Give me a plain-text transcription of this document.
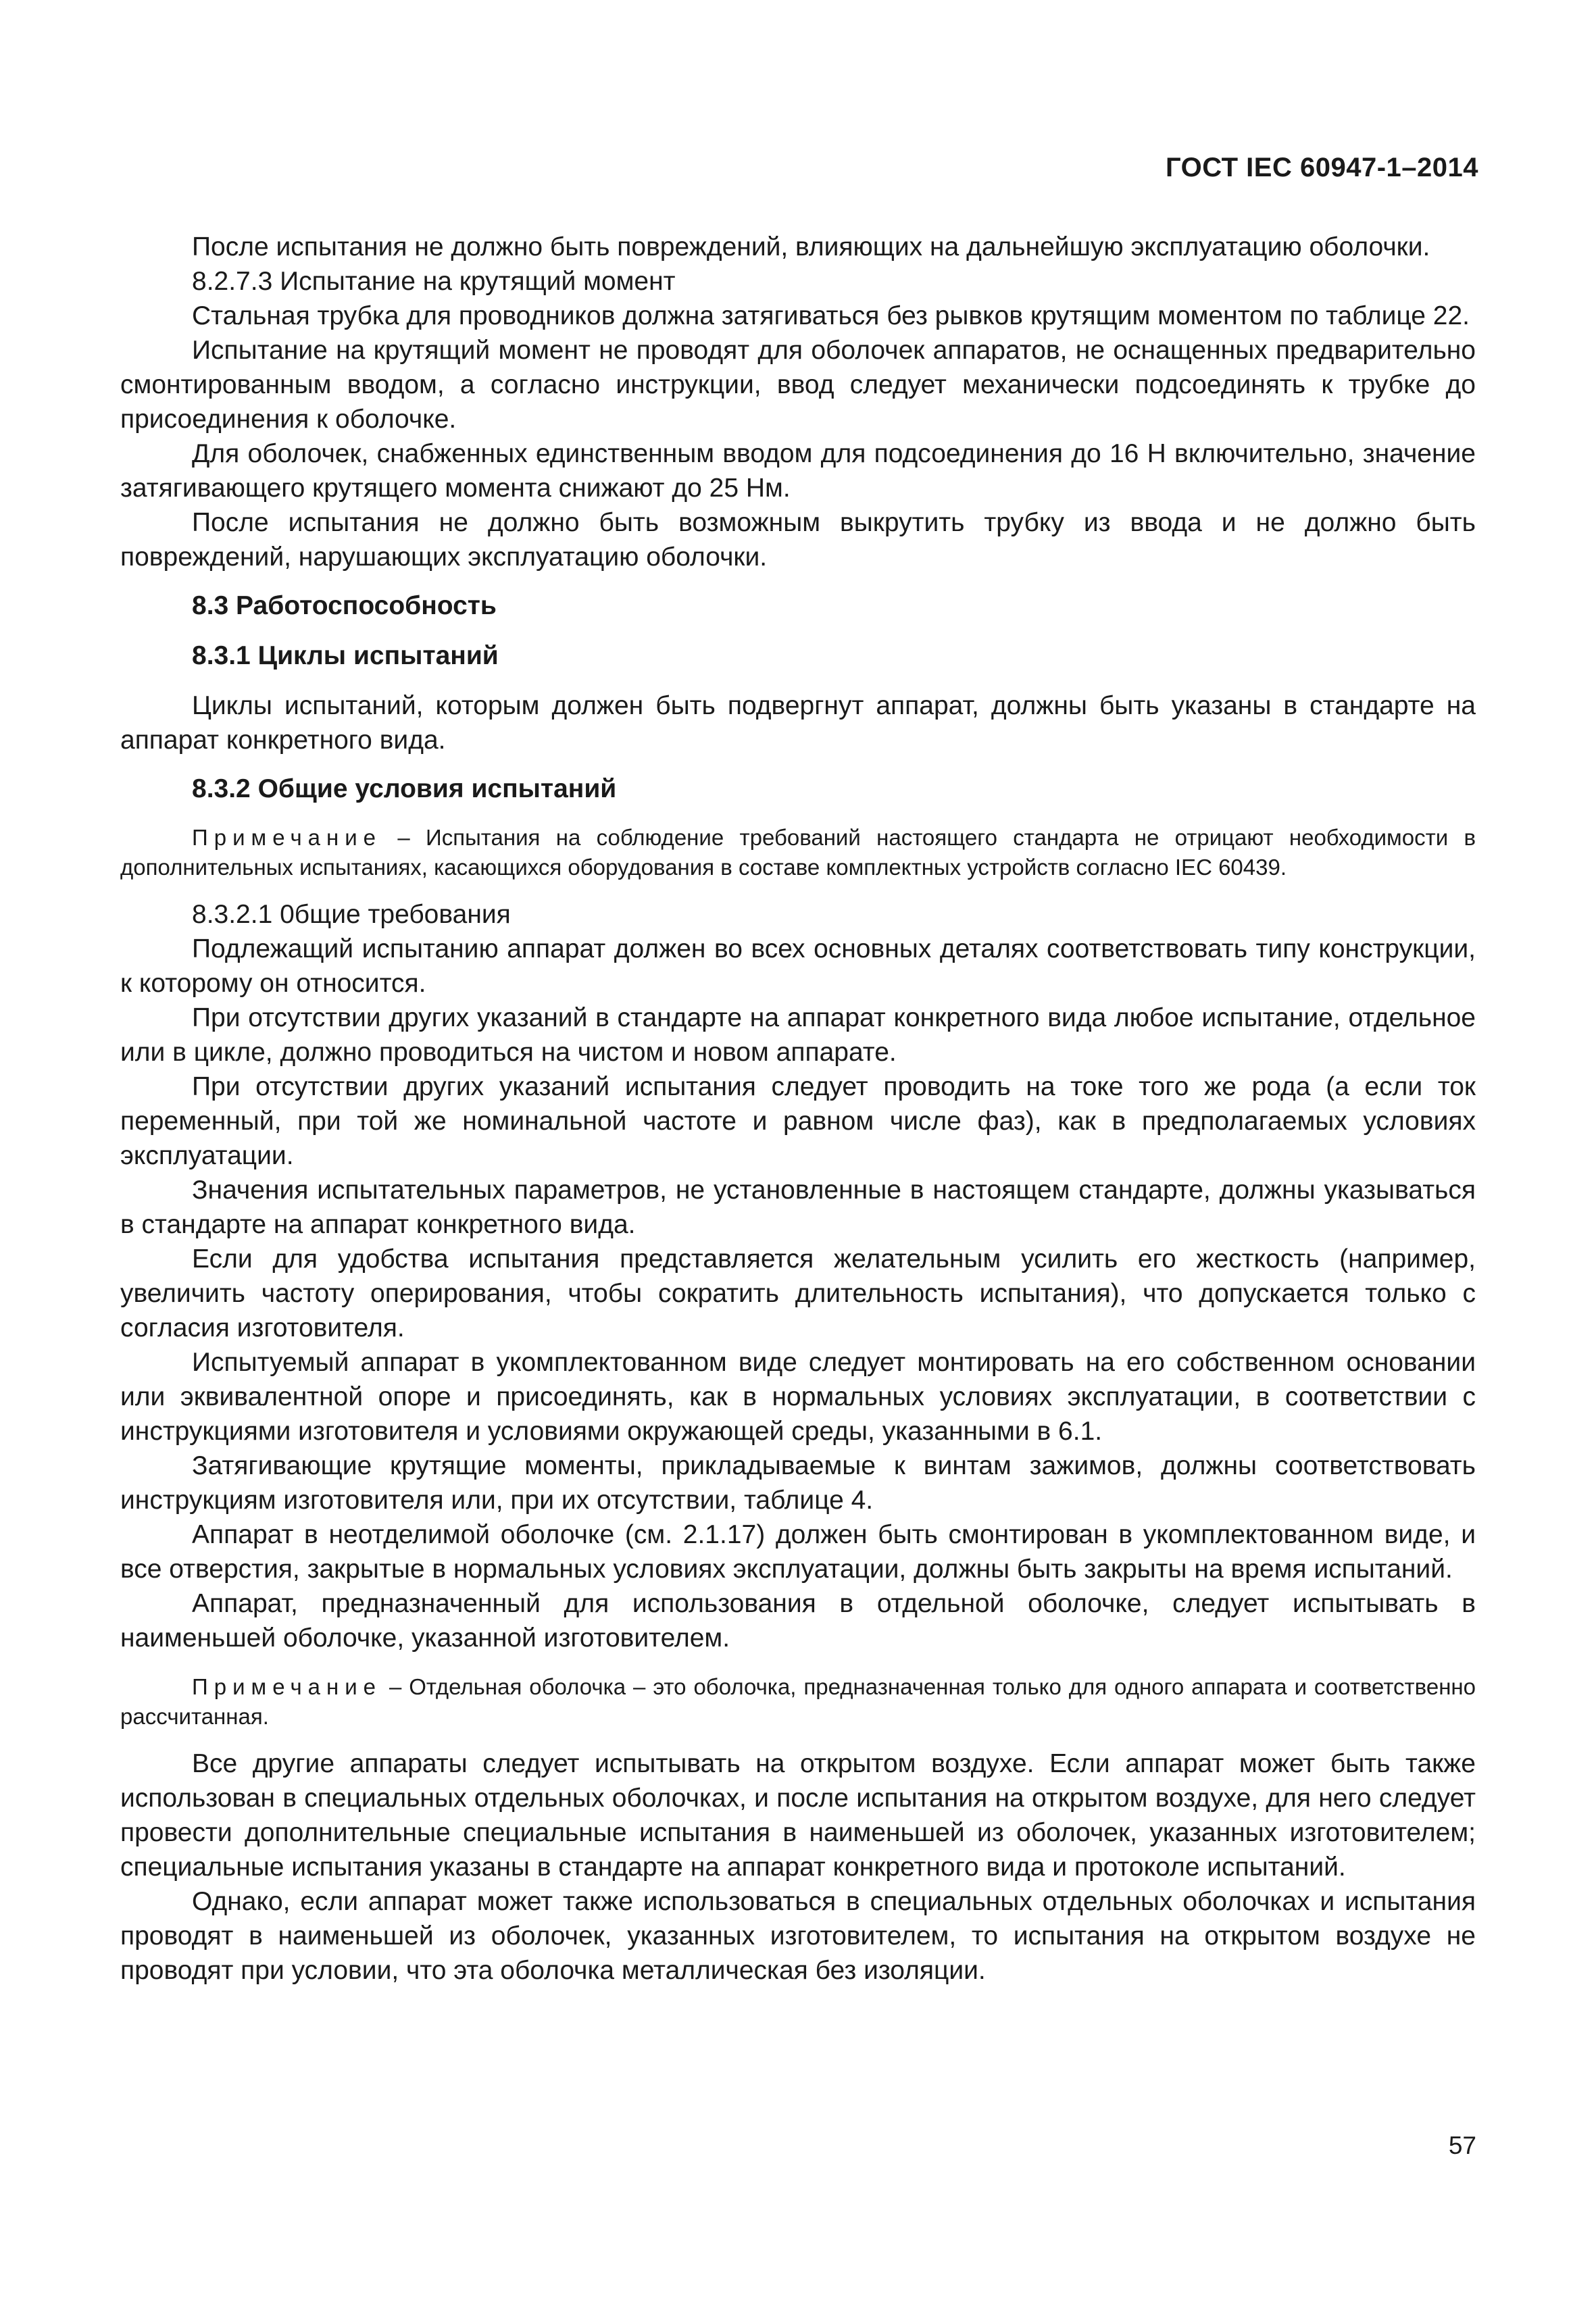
ГОСТ IEC 60947-1–2014

После испытания не должно быть повреждений, влияющих на дальнейшую эксплуатацию оболочки.

8.2.7.3 Испытание на крутящий момент

Стальная трубка для проводников должна затягиваться без рывков крутящим моментом по таблице 22.

Испытание на крутящий момент не проводят для оболочек аппаратов, не оснащенных предварительно смонтированным вводом, а согласно инструкции, ввод следует механически подсоединять к трубке до присоединения к оболочке.

Для оболочек, снабженных единственным вводом для подсоединения до 16 Н включительно, значение затягивающего крутящего момента снижают до 25 Нм.

После испытания не должно быть возможным выкрутить трубку из ввода и не должно быть повреждений, нарушающих эксплуатацию оболочки.

8.3 Работоспособность

8.3.1 Циклы испытаний

Циклы испытаний, которым должен быть подвергнут аппарат, должны быть указаны в стандарте на аппарат конкретного вида.

8.3.2 Общие условия испытаний

Примечание – Испытания на соблюдение требований настоящего стандарта не отрицают необходимости в дополнительных испытаниях, касающихся оборудования в составе комплектных устройств согласно IEC 60439.

8.3.2.1 0бщие требования

Подлежащий испытанию аппарат должен во всех основных деталях соответствовать типу конструкции, к которому он относится.

При отсутствии других указаний в стандарте на аппарат конкретного вида любое испытание, отдельное или в цикле, должно проводиться на чистом и новом аппарате.

При отсутствии других указаний испытания следует проводить на токе того же рода (а если ток переменный, при той же номинальной частоте и равном числе фаз), как в предполагаемых условиях эксплуатации.

Значения испытательных параметров, не установленные в настоящем стандарте, должны указываться в стандарте на аппарат конкретного вида.

Если для удобства испытания представляется желательным усилить его жесткость (например, увеличить частоту оперирования, чтобы сократить длительность испытания), что допускается только с согласия изготовителя.

Испытуемый аппарат в укомплектованном виде следует монтировать на его собственном основании или эквивалентной опоре и присоединять, как в нормальных условиях эксплуатации, в соответствии с инструкциями изготовителя и условиями окружающей среды, указанными в 6.1.

Затягивающие крутящие моменты, прикладываемые к винтам зажимов, должны соответствовать инструкциям изготовителя или, при их отсутствии, таблице 4.

Аппарат в неотделимой оболочке (см. 2.1.17) должен быть смонтирован в укомплектованном виде, и все отверстия, закрытые в нормальных условиях эксплуатации, должны быть закрыты на время испытаний.

Аппарат, предназначенный для использования в отдельной оболочке, следует испытывать в наименьшей оболочке, указанной изготовителем.

Примечание – Отдельная оболочка – это оболочка, предназначенная только для одного аппарата и соответственно рассчитанная.

Все другие аппараты следует испытывать на открытом воздухе. Если аппарат может быть также использован в специальных отдельных оболочках, и после испытания на открытом воздухе, для него следует провести дополнительные специальные испытания в наименьшей из оболочек, указанных изготовителем; специальные испытания указаны в стандарте на аппарат конкретного вида и протоколе испытаний.

Однако, если аппарат может также использоваться в специальных отдельных оболочках и испытания проводят в наименьшей из оболочек, указанных изготовителем, то испытания на открытом воздухе не проводят при условии, что эта оболочка металлическая без изоляции.

57
